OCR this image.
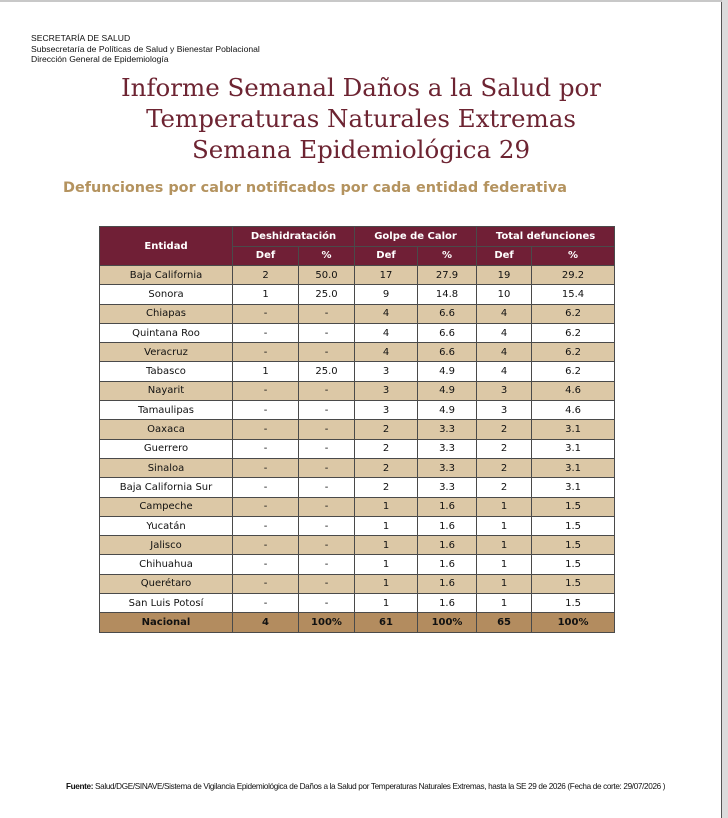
SECRETARÍA DE SALUD
Subsecretaría de Políticas de Salud y Bienestar Poblacional
Dirección General de Epidemiología
Informe Semanal Daños a la Salud por
Temperaturas Naturales Extremas
Semana Epidemiológica 29
Defunciones por calor notificados por cada entidad federativa
Entidad	Deshidratación		Golpe de Calor		Total defunciones	
	Def	%	Def	%	Def	%
Baja California	2	50.0	17	27.9	19	29.2
Sonora	1	25.0	9	14.8	10	15.4
Chiapas	-	-	4	6.6	4	6.2
Quintana Roo	-	-	4	6.6	4	6.2
Veracruz	-	-	4	6.6	4	6.2
Tabasco	1	25.0	3	4.9	4	6.2
Nayarit	-	-	3	4.9	3	4.6
Tamaulipas	-	-	3	4.9	3	4.6
Oaxaca	-	-	2	3.3	2	3.1
Guerrero	-	-	2	3.3	2	3.1
Sinaloa	-	-	2	3.3	2	3.1
Baja California Sur	-	-	2	3.3	2	3.1
Campeche	-	-	1	1.6	1	1.5
Yucatán	-	-	1	1.6	1	1.5
Jalisco	-	-	1	1.6	1	1.5
Chihuahua	-	-	1	1.6	1	1.5
Querétaro	-	-	1	1.6	1	1.5
San Luis Potosí	-	-	1	1.6	1	1.5
Nacional	4	100%	61	100%	65	100%
Fuente: Salud/DGE/SINAVE/Sistema de Vigilancia Epidemiológica de Daños a la Salud por Temperaturas Naturales Extremas, hasta la SE 29 de 2026 (Fecha de corte: 29/07/2026 )
